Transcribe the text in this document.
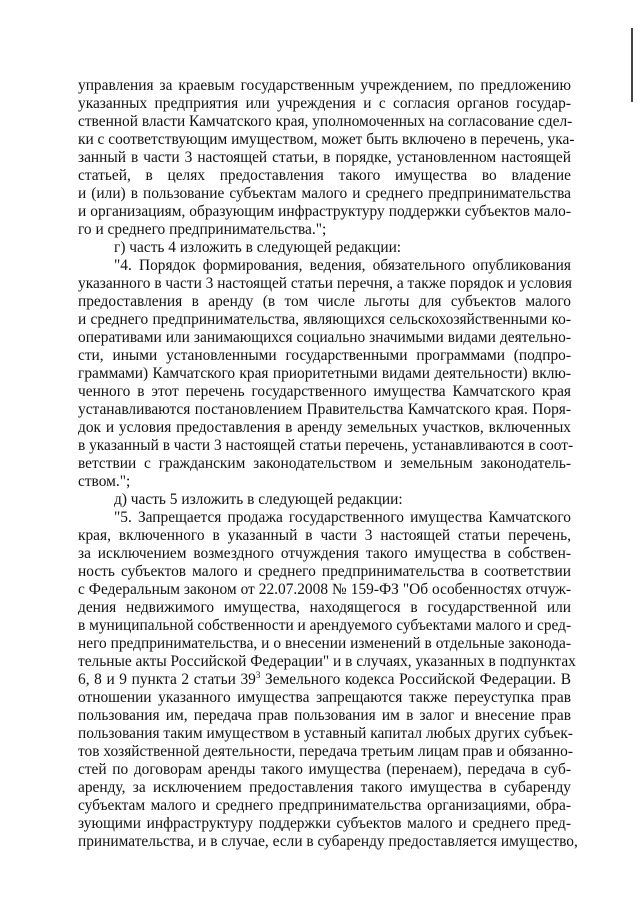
управления за краевым государственным учреждением, по предложению
указанных предприятия или учреждения и с согласия органов государ-
ственной власти Камчатского края, уполномоченных на согласование сдел-
ки с соответствующим имуществом, может быть включено в перечень, ука-
занный в части 3 настоящей статьи, в порядке, установленном настоящей
статьей, в целях предоставления такого имущества во владение
и (или) в пользование субъектам малого и среднего предпринимательства
и организациям, образующим инфраструктуру поддержки субъектов мало-
го и среднего предпринимательства.";
г) часть 4 изложить в следующей редакции:
"4. Порядок формирования, ведения, обязательного опубликования
указанного в части 3 настоящей статьи перечня, а также порядок и условия
предоставления в аренду (в том числе льготы для субъектов малого
и среднего предпринимательства, являющихся сельскохозяйственными ко-
оперативами или занимающихся социально значимыми видами деятельно-
сти, иными установленными государственными программами (подпро-
граммами) Камчатского края приоритетными видами деятельности) вклю-
ченного в этот перечень государственного имущества Камчатского края
устанавливаются постановлением Правительства Камчатского края. Поря-
док и условия предоставления в аренду земельных участков, включенных
в указанный в части 3 настоящей статьи перечень, устанавливаются в соот-
ветствии с гражданским законодательством и земельным законодатель-
ством.";
д) часть 5 изложить в следующей редакции:
"5. Запрещается продажа государственного имущества Камчатского
края, включенного в указанный в части 3 настоящей статьи перечень,
за исключением возмездного отчуждения такого имущества в собствен-
ность субъектов малого и среднего предпринимательства в соответствии
с Федеральным законом от 22.07.2008 № 159-ФЗ "Об особенностях отчуж-
дения недвижимого имущества, находящегося в государственной или
в муниципальной собственности и арендуемого субъектами малого и сред-
него предпринимательства, и о внесении изменений в отдельные законода-
тельные акты Российской Федерации" и в случаях, указанных в подпунктах
6, 8 и 9 пункта 2 статьи $39^3$ Земельного кодекса Российской Федерации. В
отношении указанного имущества запрещаются также переуступка прав
пользования им, передача прав пользования им в залог и внесение прав
пользования таким имуществом в уставный капитал любых других субъек-
тов хозяйственной деятельности, передача третьим лицам прав и обязанно-
стей по договорам аренды такого имущества (перенаем), передача в суб-
аренду, за исключением предоставления такого имущества в субаренду
субъектам малого и среднего предпринимательства организациями, обра-
зующими инфраструктуру поддержки субъектов малого и среднего пред-
принимательства, и в случае, если в субаренду предоставляется имущество,
